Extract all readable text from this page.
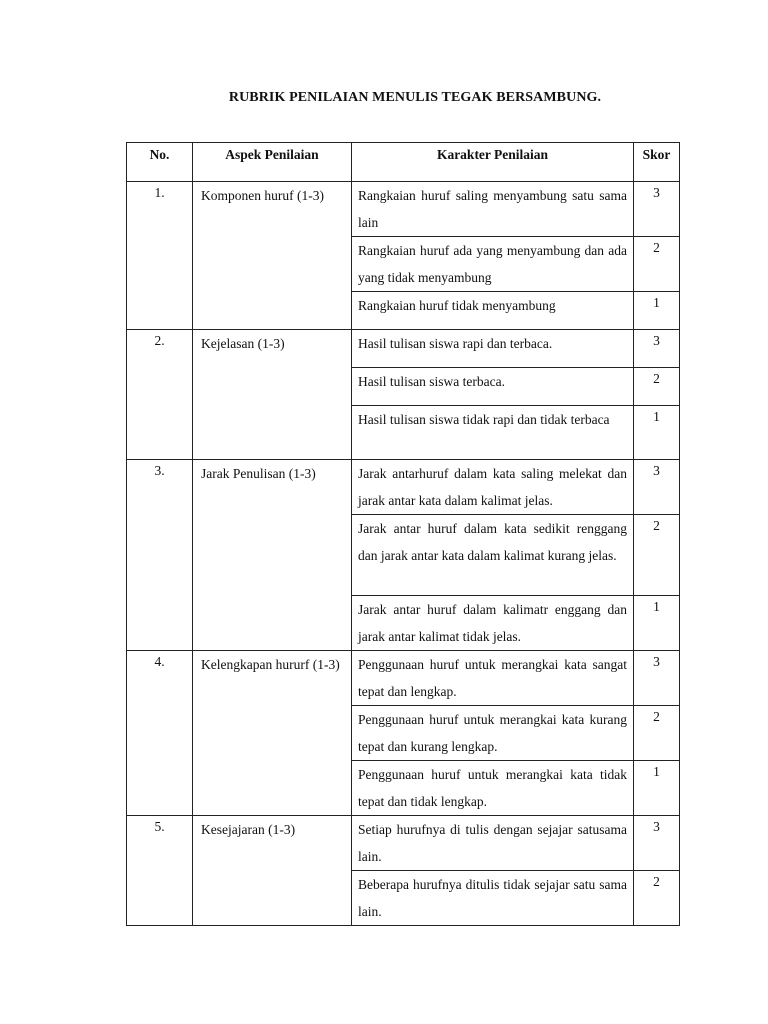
RUBRIK PENILAIAN MENULIS TEGAK BERSAMBUNG.
No.	Aspek Penilaian	Karakter Penilaian	Skor
1.	Komponen huruf (1-3)	Rangkaian huruf saling menyambung satu sama lain	3
		Rangkaian huruf ada yang menyambung dan ada yang tidak menyambung	2
		Rangkaian huruf tidak menyambung	1
2.	Kejelasan (1-3)	Hasil tulisan siswa rapi dan terbaca.	3
		Hasil tulisan siswa terbaca.	2
		Hasil tulisan siswa tidak rapi dan tidak terbaca	1
3.	Jarak Penulisan (1-3)	Jarak antarhuruf dalam kata saling melekat dan jarak antar kata dalam kalimat jelas.	3
		Jarak antar huruf dalam kata sedikit renggang dan jarak antar kata dalam kalimat kurang jelas.	2
		Jarak antar huruf dalam kalimatr enggang dan jarak antar kalimat tidak jelas.	1
4.	Kelengkapan hururf (1-3)	Penggunaan huruf untuk merangkai kata sangat tepat dan lengkap.	3
		Penggunaan huruf untuk merangkai kata kurang tepat dan kurang lengkap.	2
		Penggunaan huruf untuk merangkai kata tidak tepat dan tidak lengkap.	1
5.	Kesejajaran (1-3)	Setiap hurufnya di tulis dengan sejajar satusama lain.	3
		Beberapa hurufnya ditulis tidak sejajar satu sama lain.	2
